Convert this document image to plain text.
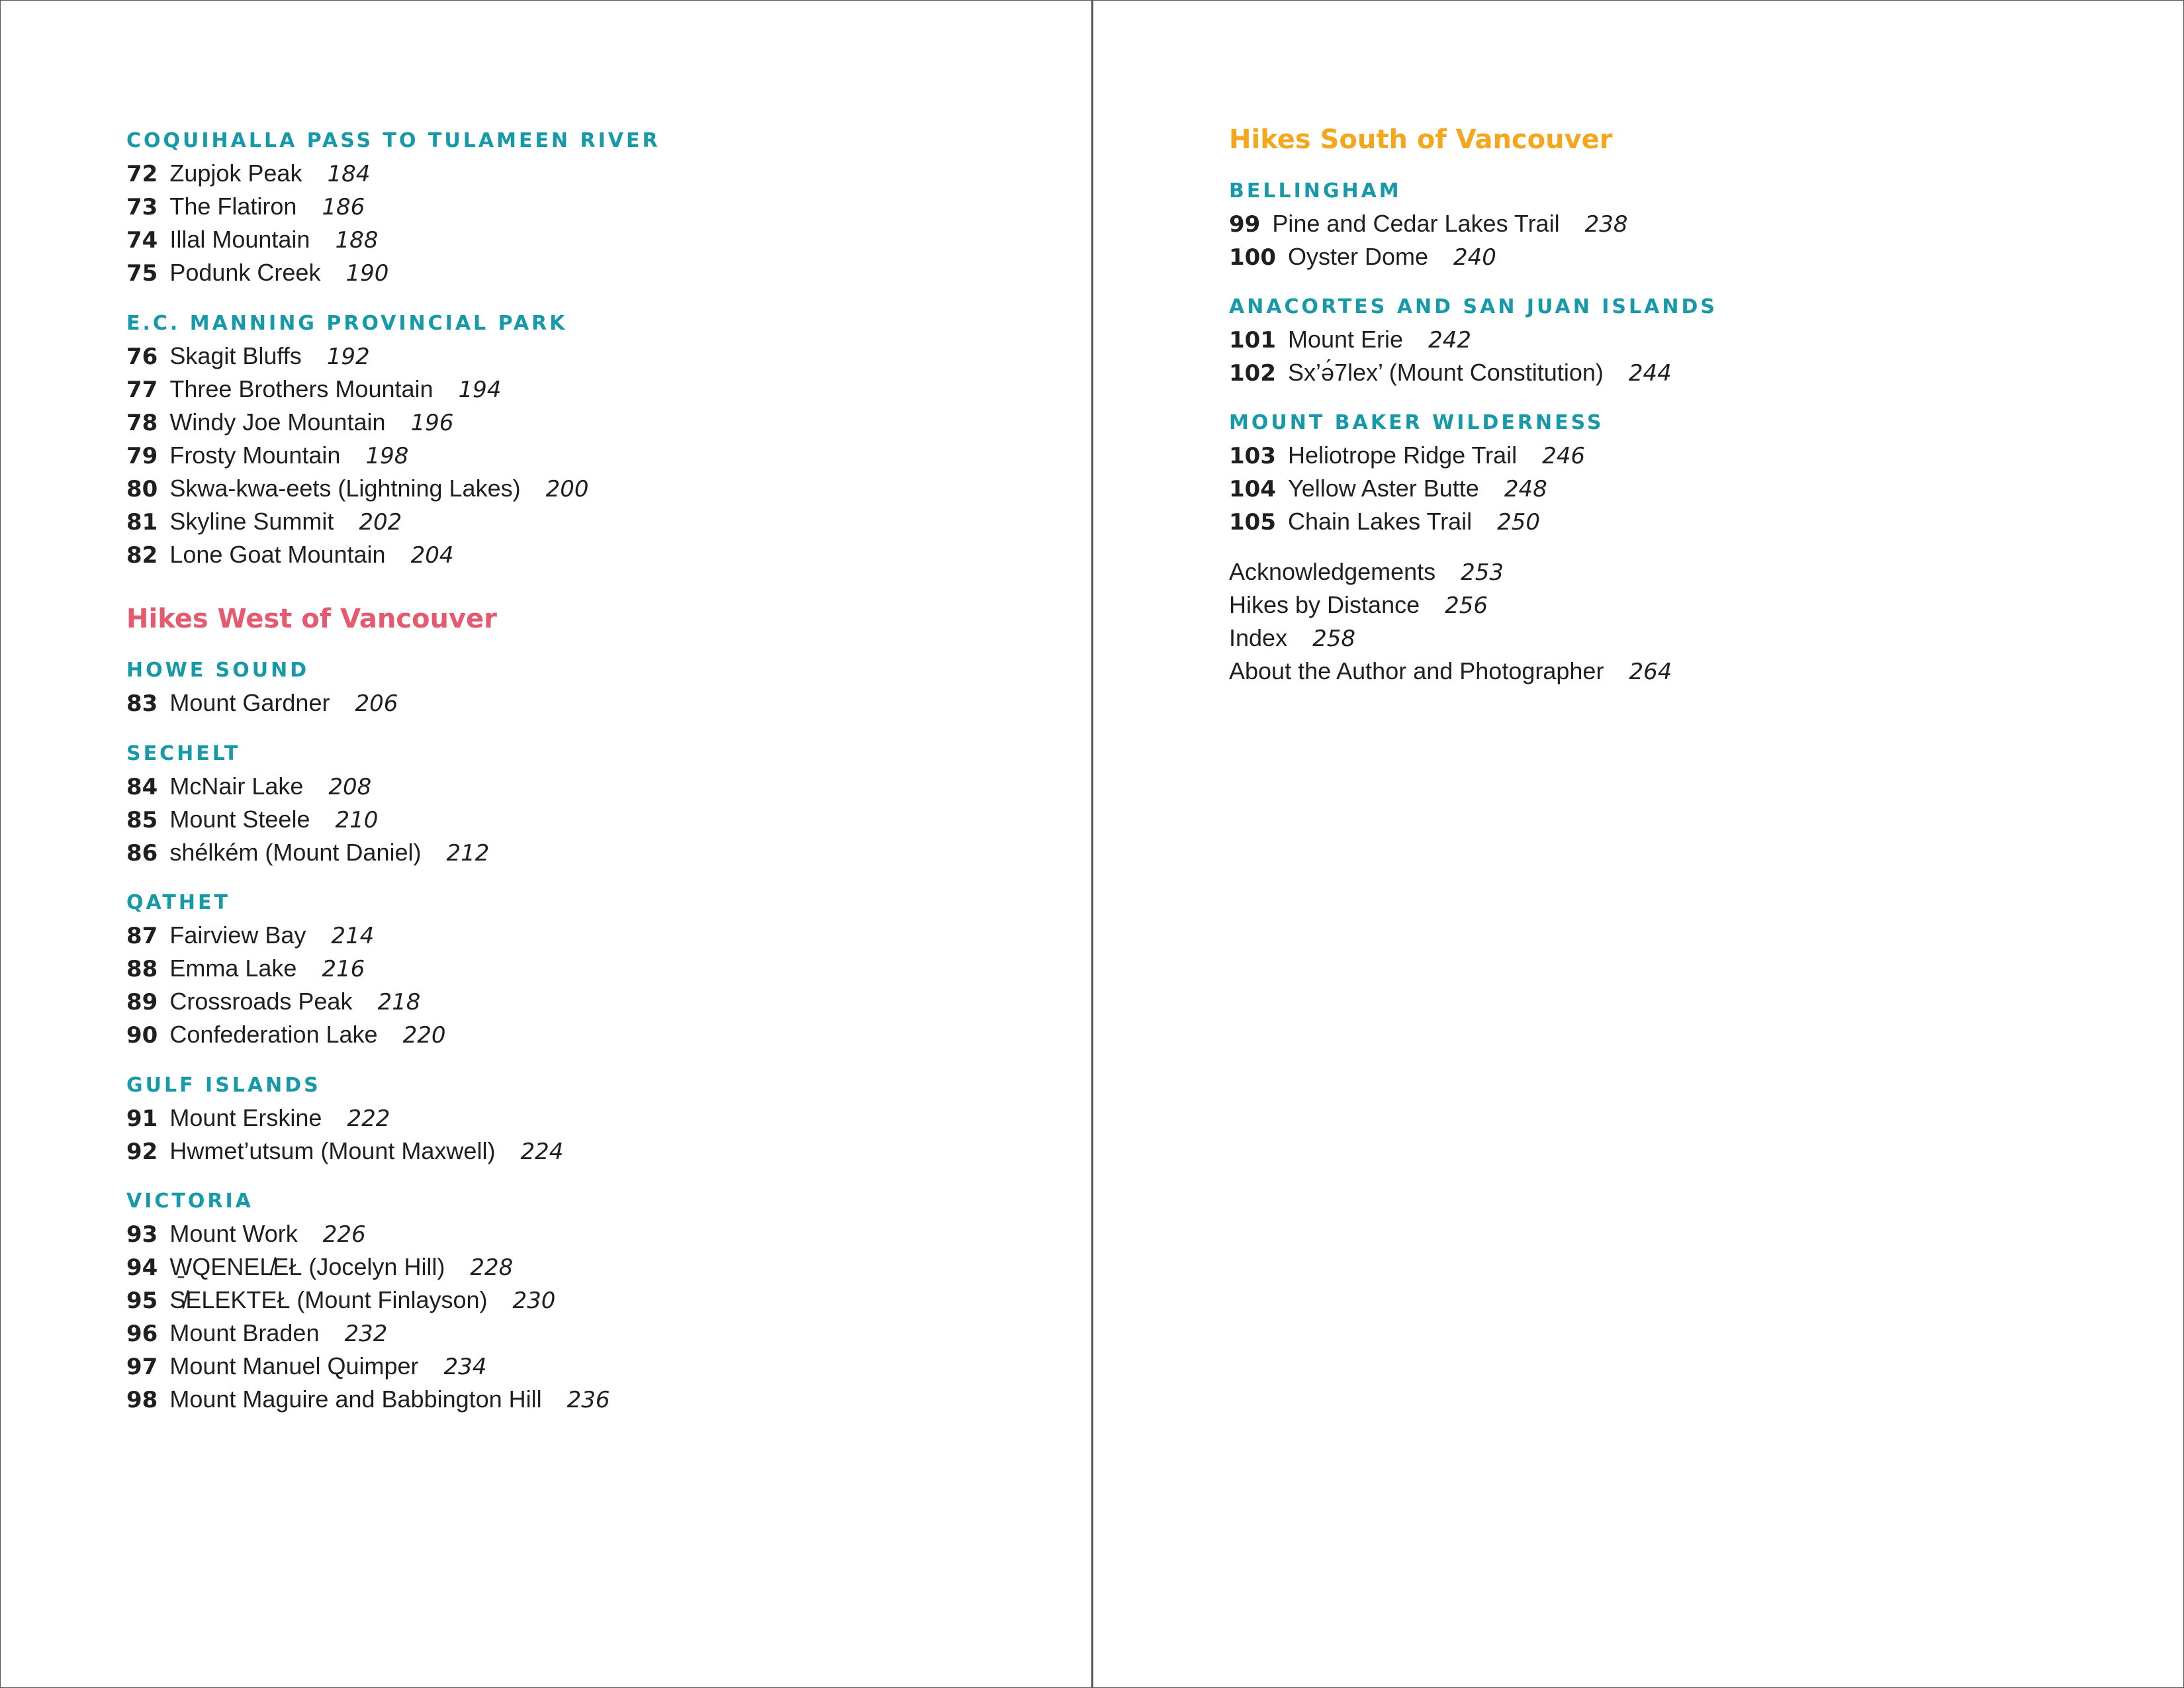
COQUIHALLA PASS TO TULAMEEN RIVER
72 Zupjok Peak 184
73 The Flatiron 186
74 Illal Mountain 188
75 Podunk Creek 190
E.C. MANNING PROVINCIAL PARK
76 Skagit Bluffs 192
77 Three Brothers Mountain 194
78 Windy Joe Mountain 196
79 Frosty Mountain 198
80 Skwa-kwa-eets (Lightning Lakes) 200
81 Skyline Summit 202
82 Lone Goat Mountain 204
Hikes West of Vancouver
HOWE SOUND
83 Mount Gardner 206
SECHELT
84 McNair Lake 208
85 Mount Steele 210
86 shélkém (Mount Daniel) 212
QATHET
87 Fairview Bay 214
88 Emma Lake 216
89 Crossroads Peak 218
90 Confederation Lake 220
GULF ISLANDS
91 Mount Erskine 222
92 Hwmet’utsum (Mount Maxwell) 224
VICTORIA
93 Mount Work 226
94 W̱QENEL̸EŁ (Jocelyn Hill) 228
95 S̸ELEKTEŁ (Mount Finlayson) 230
96 Mount Braden 232
97 Mount Manuel Quimper 234
98 Mount Maguire and Babbington Hill 236
Hikes South of Vancouver
BELLINGHAM
99 Pine and Cedar Lakes Trail 238
100 Oyster Dome 240
ANACORTES AND SAN JUAN ISLANDS
101 Mount Erie 242
102 Sx’ə́7lex’ (Mount Constitution) 244
MOUNT BAKER WILDERNESS
103 Heliotrope Ridge Trail 246
104 Yellow Aster Butte 248
105 Chain Lakes Trail 250
Acknowledgements 253
Hikes by Distance 256
Index 258
About the Author and Photographer 264
